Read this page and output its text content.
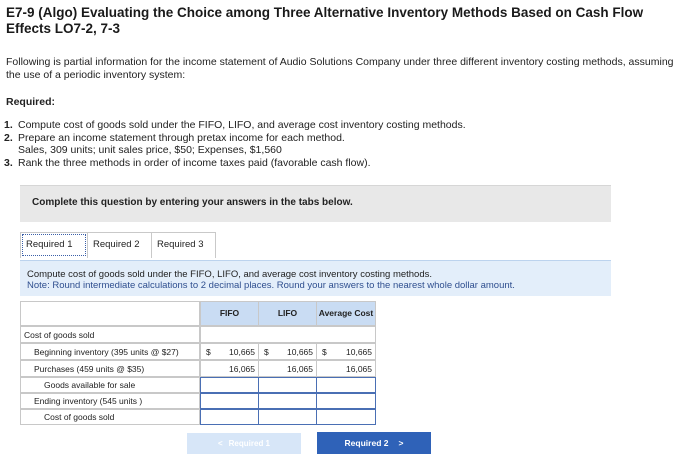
E7-9 (Algo) Evaluating the Choice among Three Alternative Inventory Methods Based on Cash Flow Effects LO7-2, 7-3
Following is partial information for the income statement of Audio Solutions Company under three different inventory costing methods, assuming the use of a periodic inventory system:
Required:
1. Compute cost of goods sold under the FIFO, LIFO, and average cost inventory costing methods.
2. Prepare an income statement through pretax income for each method.
Sales, 309 units; unit sales price, $50; Expenses, $1,560
3. Rank the three methods in order of income taxes paid (favorable cash flow).
Complete this question by entering your answers in the tabs below.
Required 1	Required 2	Required 3
Compute cost of goods sold under the FIFO, LIFO, and average cost inventory costing methods.
Note: Round intermediate calculations to 2 decimal places. Round your answers to the nearest whole dollar amount.
FIFO	LIFO	Average Cost
Cost of goods sold
Beginning inventory (395 units @ $27)	$ 10,665 $ 10,665 $ 10,665
Purchases (459 units @ $35)	16,065	16,065	16,065
Goods available for sale
Ending inventory (545 units )
Cost of goods sold
< Required 1	Required 2 >
